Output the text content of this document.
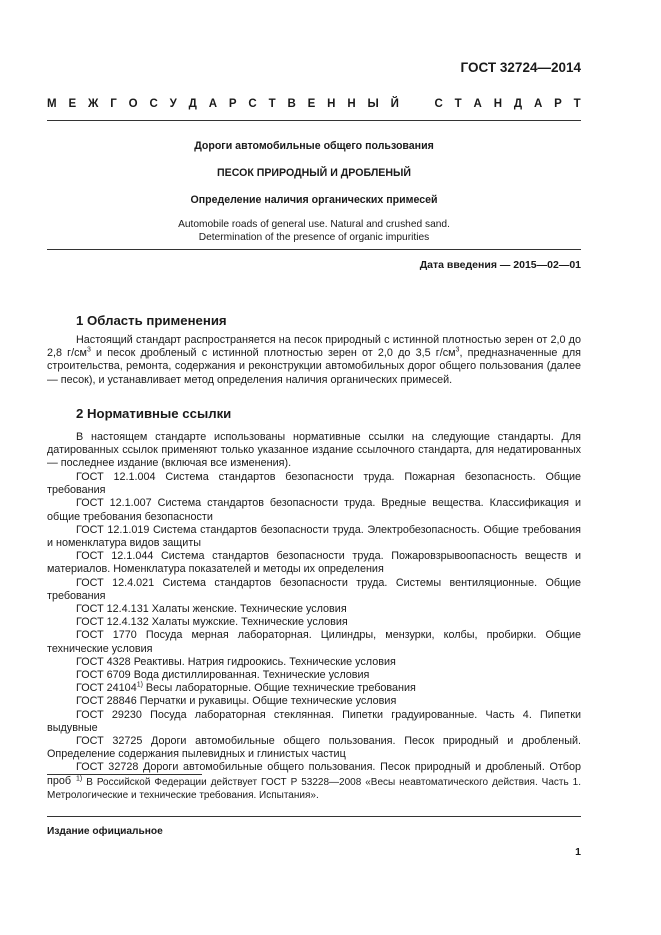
ГОСТ 32724—2014
М Е Ж Г О С У Д А Р С Т В Е Н Н Ы Й	С Т А Н Д А Р Т
Дороги автомобильные общего пользования
ПЕСОК ПРИРОДНЫЙ И ДРОБЛЕНЫЙ
Определение наличия органических примесей
Automobile roads of general use. Natural and crushed sand.
Determination of the presence of organic impurities
Дата введения — 2015—02—01
1 Область применения

Настоящий стандарт распространяется на песок природный с истинной плотностью зерен от 2,0 до 2,8 $г/см^3$ и песок дробленый с истинной плотностью зерен от 2,0 до 3,5 $г/см^3$, предназначенные для строительства, ремонта, содержания и реконструкции автомобильных дорог общего пользования (далее — песок), и устанавливает метод определения наличия органических примесей.

2 Нормативные ссылки

В настоящем стандарте использованы нормативные ссылки на следующие стандарты. Для датированных ссылок применяют только указанное издание ссылочного стандарта, для недатированных — последнее издание (включая все изменения).

ГОСТ 12.1.004 Система стандартов безопасности труда. Пожарная безопасность. Общие требования
ГОСТ 12.1.007 Система стандартов безопасности труда. Вредные вещества. Классификация и общие требования безопасности
ГОСТ 12.1.019 Система стандартов безопасности труда. Электробезопасность. Общие требования и номенклатура видов защиты
ГОСТ 12.1.044 Система стандартов безопасности труда. Пожаровзрывоопасность веществ и материалов. Номенклатура показателей и методы их определения
ГОСТ 12.4.021 Система стандартов безопасности труда. Системы вентиляционные. Общие требования
ГОСТ 12.4.131 Халаты женские. Технические условия
ГОСТ 12.4.132 Халаты мужские. Технические условия
ГОСТ 1770 Посуда мерная лабораторная. Цилиндры, мензурки, колбы, пробирки. Общие технические условия
ГОСТ 4328 Реактивы. Натрия гидроокись. Технические условия
ГОСТ 6709 Вода дистиллированная. Технические условия
ГОСТ 24104$^{1)}$ Весы лабораторные. Общие технические требования
ГОСТ 28846 Перчатки и рукавицы. Общие технические условия
ГОСТ 29230 Посуда лабораторная стеклянная. Пипетки градуированные. Часть 4. Пипетки выдувные
ГОСТ 32725 Дороги автомобильные общего пользования. Песок природный и дробленый. Определение содержания пылевидных и глинистых частиц
ГОСТ 32728 Дороги автомобильные общего пользования. Песок природный и дробленый. Отбор проб $^{1)}$ В Российской Федерации действует ГОСТ Р 53228—2008 «Весы неавтоматического действия. Часть 1. Метрологические и технические требования. Испытания».

Издание официальное
1
